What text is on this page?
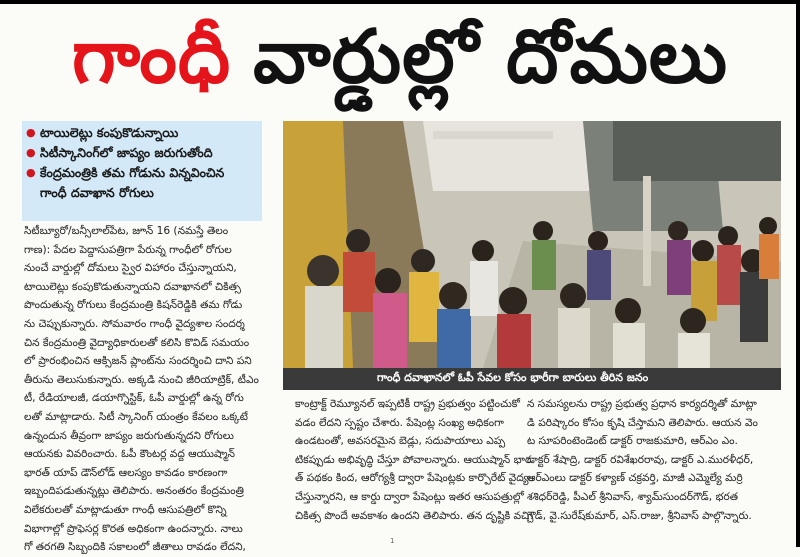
గాంధీ వార్డుల్లో దోమలు
● టాయిలెట్లు కంపుకొడున్నాయి
● సిటీస్కానింగ్‌లో జాప్యం జరుగుతోంది
● కేంద్రమంత్రికి తమ గోడును విన్నవించిన
గాంధీ దవాఖాన రోగులు
సిటీబ్యూరో/బన్సీలాల్‌పేట, జూన్ 16 (నమస్తే తెలం
గాణ): పేదల పెద్దాసుపత్రిగా పేరున్న గాంధీలో రోగుల
నుంచే వార్డుల్లో దోమలు స్వైర విహారం చేస్తున్నాయని,
టాయిలెట్లు కంపుకొడుతున్నాయని దవాఖానలో చికిత్స
పొందుతున్న రోగులు కేంద్రమంత్రి కిషన్‌రెడ్డికి తమ గోడు
ను చెప్పుకున్నారు. సోమవారం గాంధీ వైద్యశాల సందర్శ
చిన కేంద్రమంత్రి వైద్యాధికారులతో కలిసి కొవిడ్ సమయం
లో ప్రారంభించిన ఆక్సిజన్ ప్లాంట్‌ను సందర్శించి దాని పని
తీరును తెలుసుకున్నారు. అక్కడి నుంచి జీరియాట్రిక్, టీఎం
టీ, రేడియాలజీ, డయాగ్నొస్టిక్, ఓపీ వార్డుల్లో ఉన్న రోగు
లతో మాట్లాడారు. సిటీ స్కానింగ్ యంత్రం కేవలం ఒక్కటే
ఉన్నందున తీవ్రంగా జాప్యం జరుగుతున్నదని రోగులు
ఆయనకు వివరించారు. ఓపీ కౌంటర్ల వద్ద ఆయుష్మాన్
భారత్ యాప్ డౌన్‌లోడ్ ఆలస్యం కావడం కారణంగా
ఇబ్బందిపడుతున్నట్లు తెలిపారు. అనంతరం కేంద్రమంత్రి
విలేకరులతో మాట్లాడుతూ గాంధీ ఆసుపత్రిలో కొన్ని
విభాగాల్లో ప్రొఫెసర్ల కొరత అధికంగా ఉందన్నారు. నాలు
గో తరగతి సిబ్బందికి సకాలంలో జీతాలు రావడం లేదని,
గాంధీ దవాఖానలో ఓపీ సేవల కోసం భారీగా బారులు తీరిన జనం
కాంట్రాక్ట్ రెమ్యూనల్ ఇప్పటికీ రాష్ట్ర ప్రభుత్వం పట్టించుకో
వడం లేదని స్పష్టం చేశారు. పేషెంట్ల సంఖ్య అధికంగా
ఉండటంతో, అవసరమైన బెడ్లు, సదుపాయాలు ఎప్ప
టికప్పుడు అభివృద్ధి చేస్తూ పోవాలన్నారు. ఆయుష్మాన్ భార
త్ పథకం కింద, ఆరోగ్యశ్రీ ద్వారా పేషెంట్లకు కార్పొరేట్ వైద్యం
చేస్తున్నారని, ఆ కార్డు ద్వారా పేషెంట్లు ఇతర ఆసుపత్రుల్లో
చికిత్స పొందే అవకాశం ఉందని తెలిపారు. తన దృష్టికి వచ్చి
న సమస్యలను రాష్ట్ర ప్రభుత్వ ప్రధాన కార్యదర్శితో మాట్లా
డి పరిష్కారం కోసం కృషి చేస్తామని తెలిపారు. ఆయన వెం
ట సూపరింటెండెంట్ డాక్టర్ రాజకుమారి, ఆర్ఎం ఎం.
డాక్టర్ శేషాద్రి, డాక్టర్ రవిశేఖరరావు, డాక్టర్ ఎ.మురళీధర్,
ఆర్ఎంలు డాక్టర్ కళ్యాణ్ చక్రవర్తి, మాజీ ఎమ్మెల్యే మర్రి
శశిధర్‌రెడ్డి, పీఎల్ శ్రీనివాస్, శ్యామ్‌సుందర్‌గౌడ్, భరత
గౌడ్, వై.సురేష్‌కుమార్, ఎస్.రాజు, శ్రీనివాస్ పాల్గొన్నారు.
1
